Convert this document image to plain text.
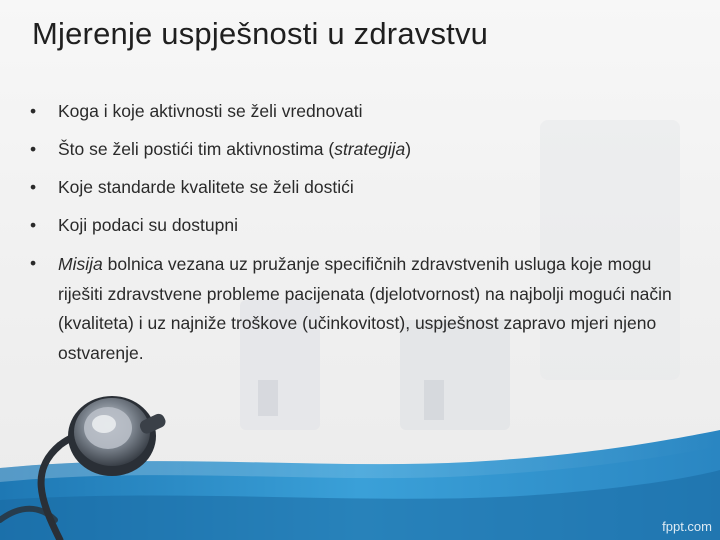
Mjerenje uspješnosti u zdravstvu
•	Koga i koje aktivnosti se želi vrednovati
•	Što se želi postići tim aktivnostima (strategija)
•	Koje standarde kvalitete se želi dostići
•	Koji podaci su dostupni
•	Misija bolnica vezana uz pružanje specifičnih zdravstvenih usluga koje mogu riješiti zdravstvene probleme pacijenata (djelotvornost) na najbolji mogući način (kvaliteta) i uz najniže troškove (učinkovitost), uspješnost zapravo mjeri njeno ostvarenje.
fppt.com
